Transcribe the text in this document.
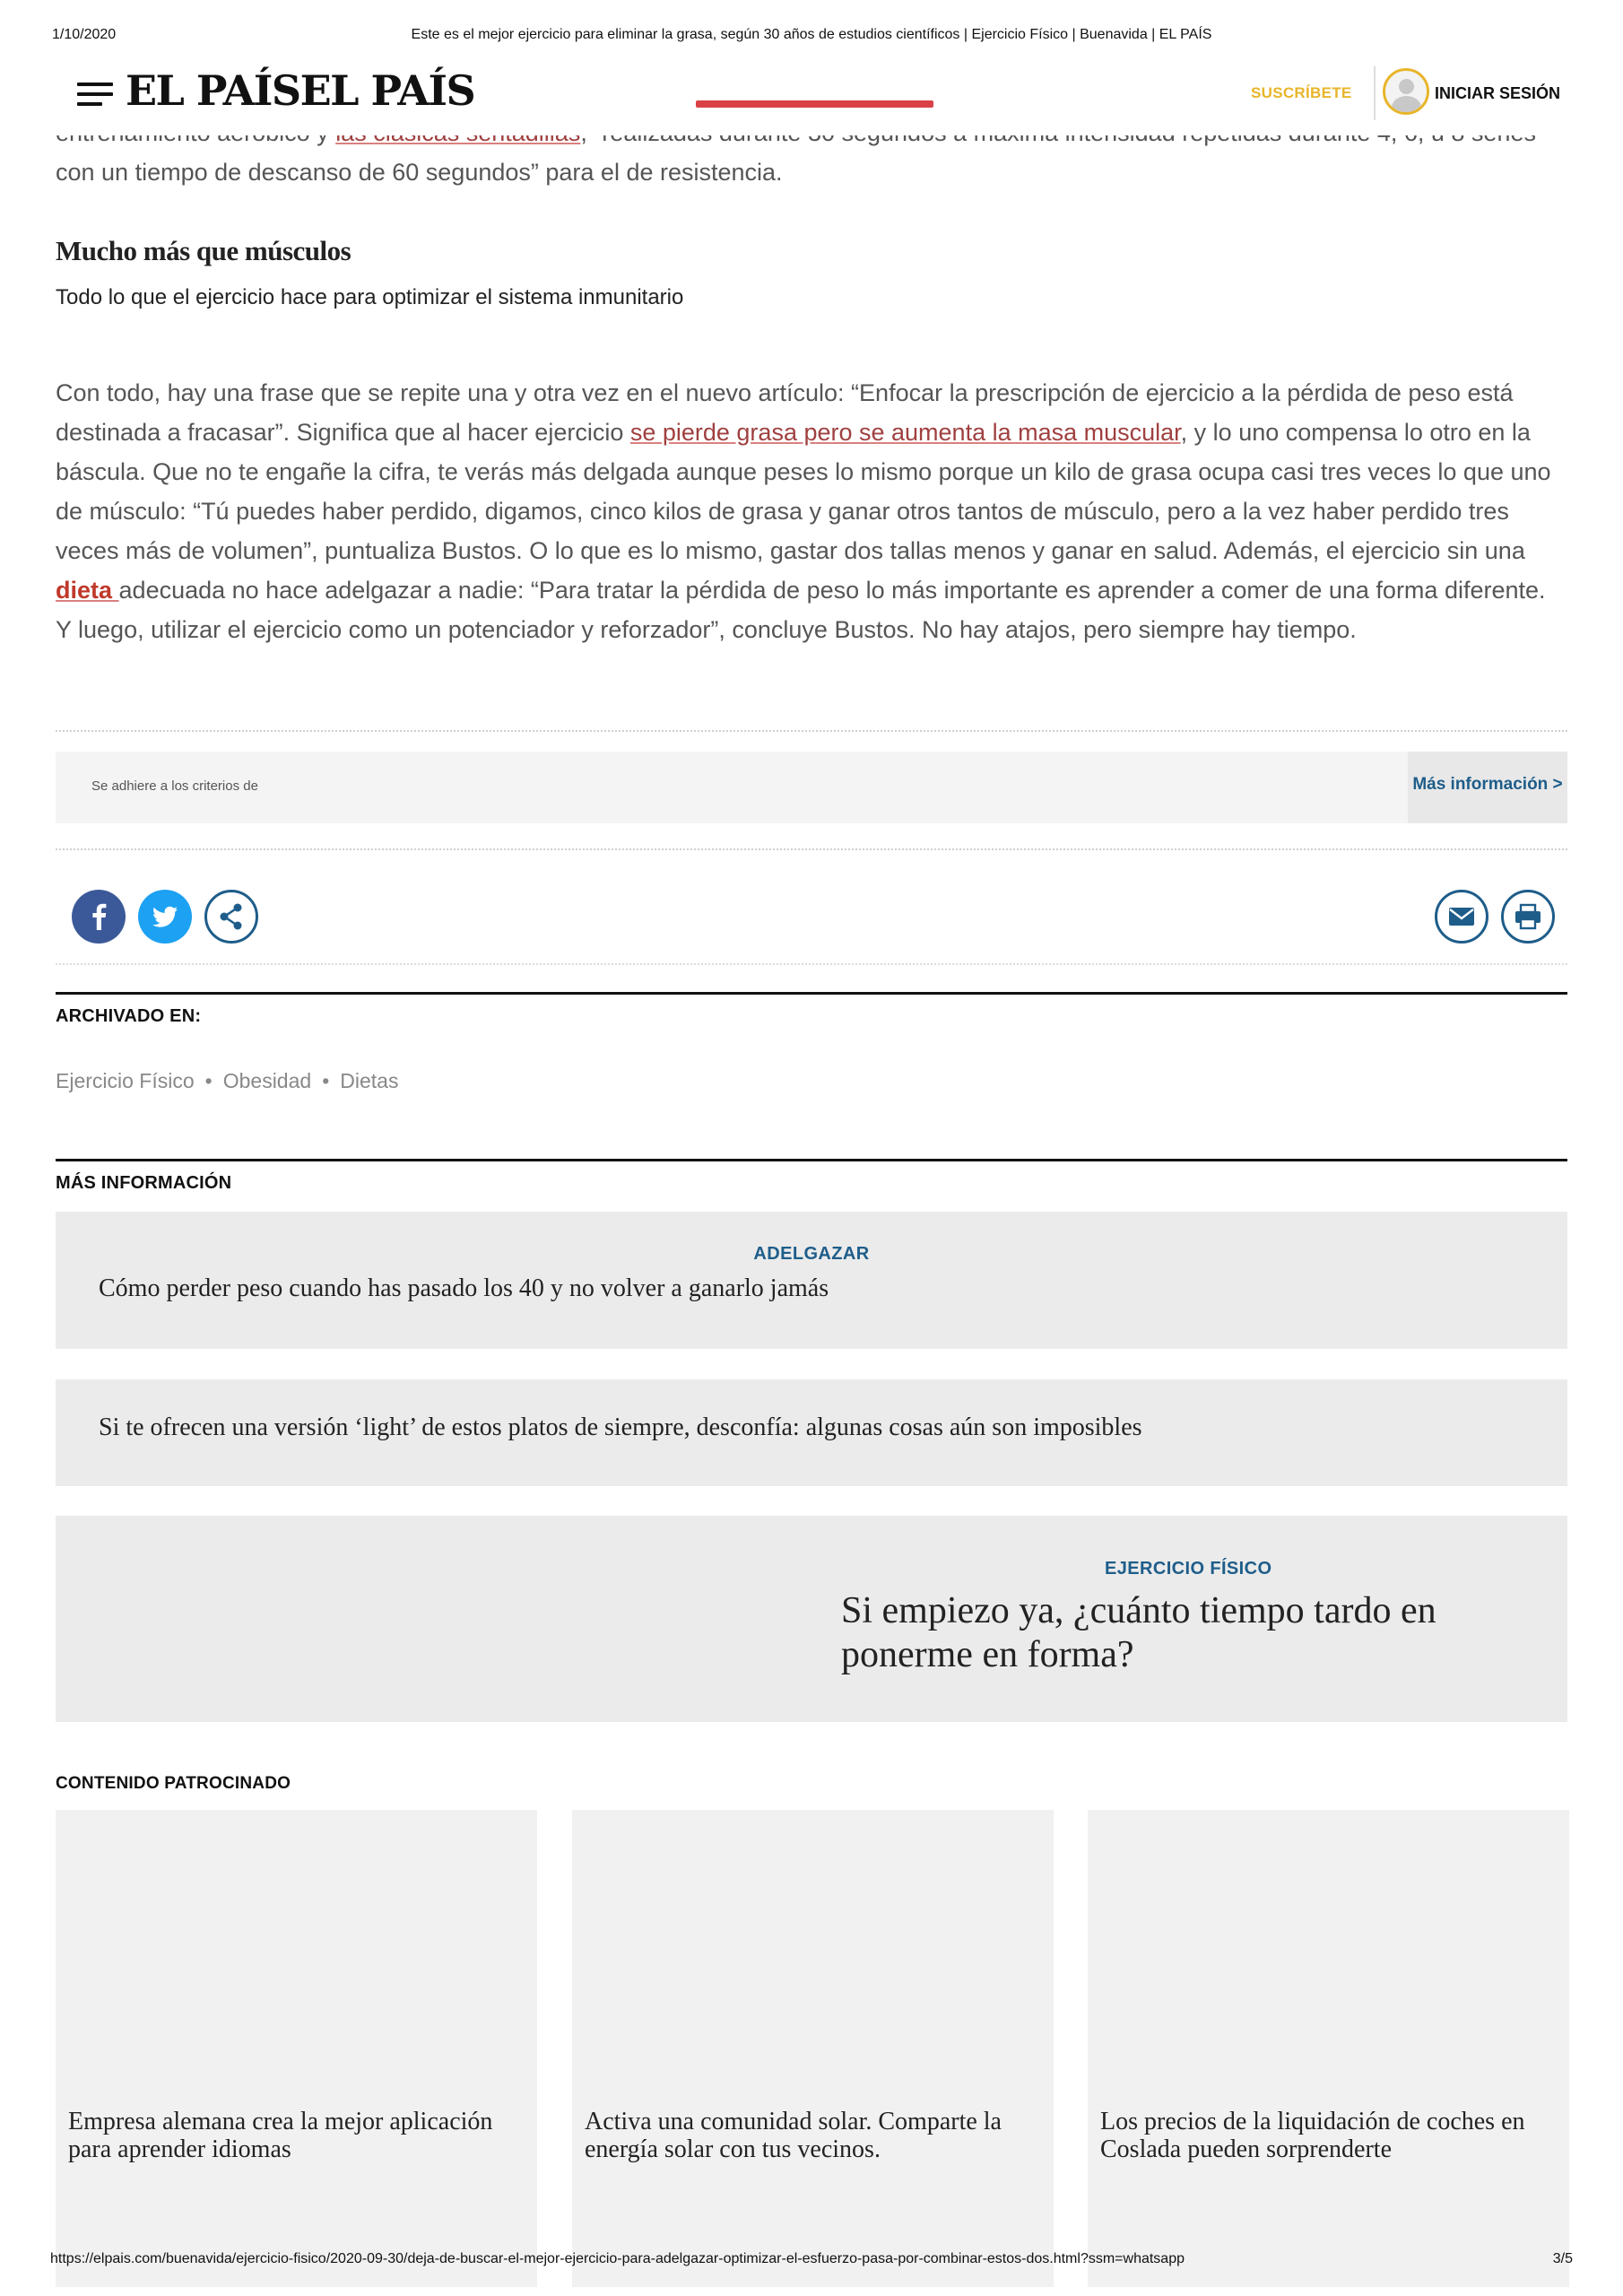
1/10/2020	Este es el mejor ejercicio para eliminar la grasa, según 30 años de estudios científicos | Ejercicio Físico | Buenavida | EL PAÍS

con un tiempo de descanso de 60 segundos” para el de resistencia.

EL PAÍSEL PAÍS	SUSCRÍBETE	INICIAR SESIÓN
Mucho más que músculos
Todo lo que el ejercicio hace para optimizar el sistema inmunitario

Con todo, hay una frase que se repite una y otra vez en el nuevo artículo: “Enfocar la prescripción de ejercicio a la pérdida de peso está destinada a fracasar”. Significa que al hacer ejercicio se pierde grasa pero se aumenta la masa muscular, y lo uno compensa lo otro en la báscula. Que no te engañe la cifra, te verás más delgada aunque peses lo mismo porque un kilo de grasa ocupa casi tres veces lo que uno de músculo: “Tú puedes haber perdido, digamos, cinco kilos de grasa y ganar otros tantos de músculo, pero a la vez haber perdido tres veces más de volumen”, puntualiza Bustos. O lo que es lo mismo, gastar dos tallas menos y ganar en salud. Además, el ejercicio sin una dieta adecuada no hace adelgazar a nadie: “Para tratar la pérdida de peso lo más importante es aprender a comer de una forma diferente. Y luego, utilizar el ejercicio como un potenciador y reforzador”, concluye Bustos. No hay atajos, pero siempre hay tiempo.

Se adhiere a los criterios de	Más información >
ARCHIVADO EN:
Ejercicio Físico • Obesidad • Dietas
MÁS INFORMACIÓN
ADELGAZAR
Cómo perder peso cuando has pasado los 40 y no volver a ganarlo jamás
Si te ofrecen una versión ‘light’ de estos platos de siempre, desconfía: algunas cosas aún son imposibles
EJERCICIO FÍSICO
Si empiezo ya, ¿cuánto tiempo tardo en ponerme en forma?
CONTENIDO PATROCINADO
Empresa alemana crea la mejor aplicación para aprender idiomas
Activa una comunidad solar. Comparte la energía solar con tus vecinos.
Los precios de la liquidación de coches en Coslada pueden sorprenderte
https://elpais.com/buenavida/ejercicio-fisico/2020-09-30/deja-de-buscar-el-mejor-ejercicio-para-adelgazar-optimizar-el-esfuerzo-pasa-por-combinar-estos-dos.html?ssm=whatsapp	3/5
